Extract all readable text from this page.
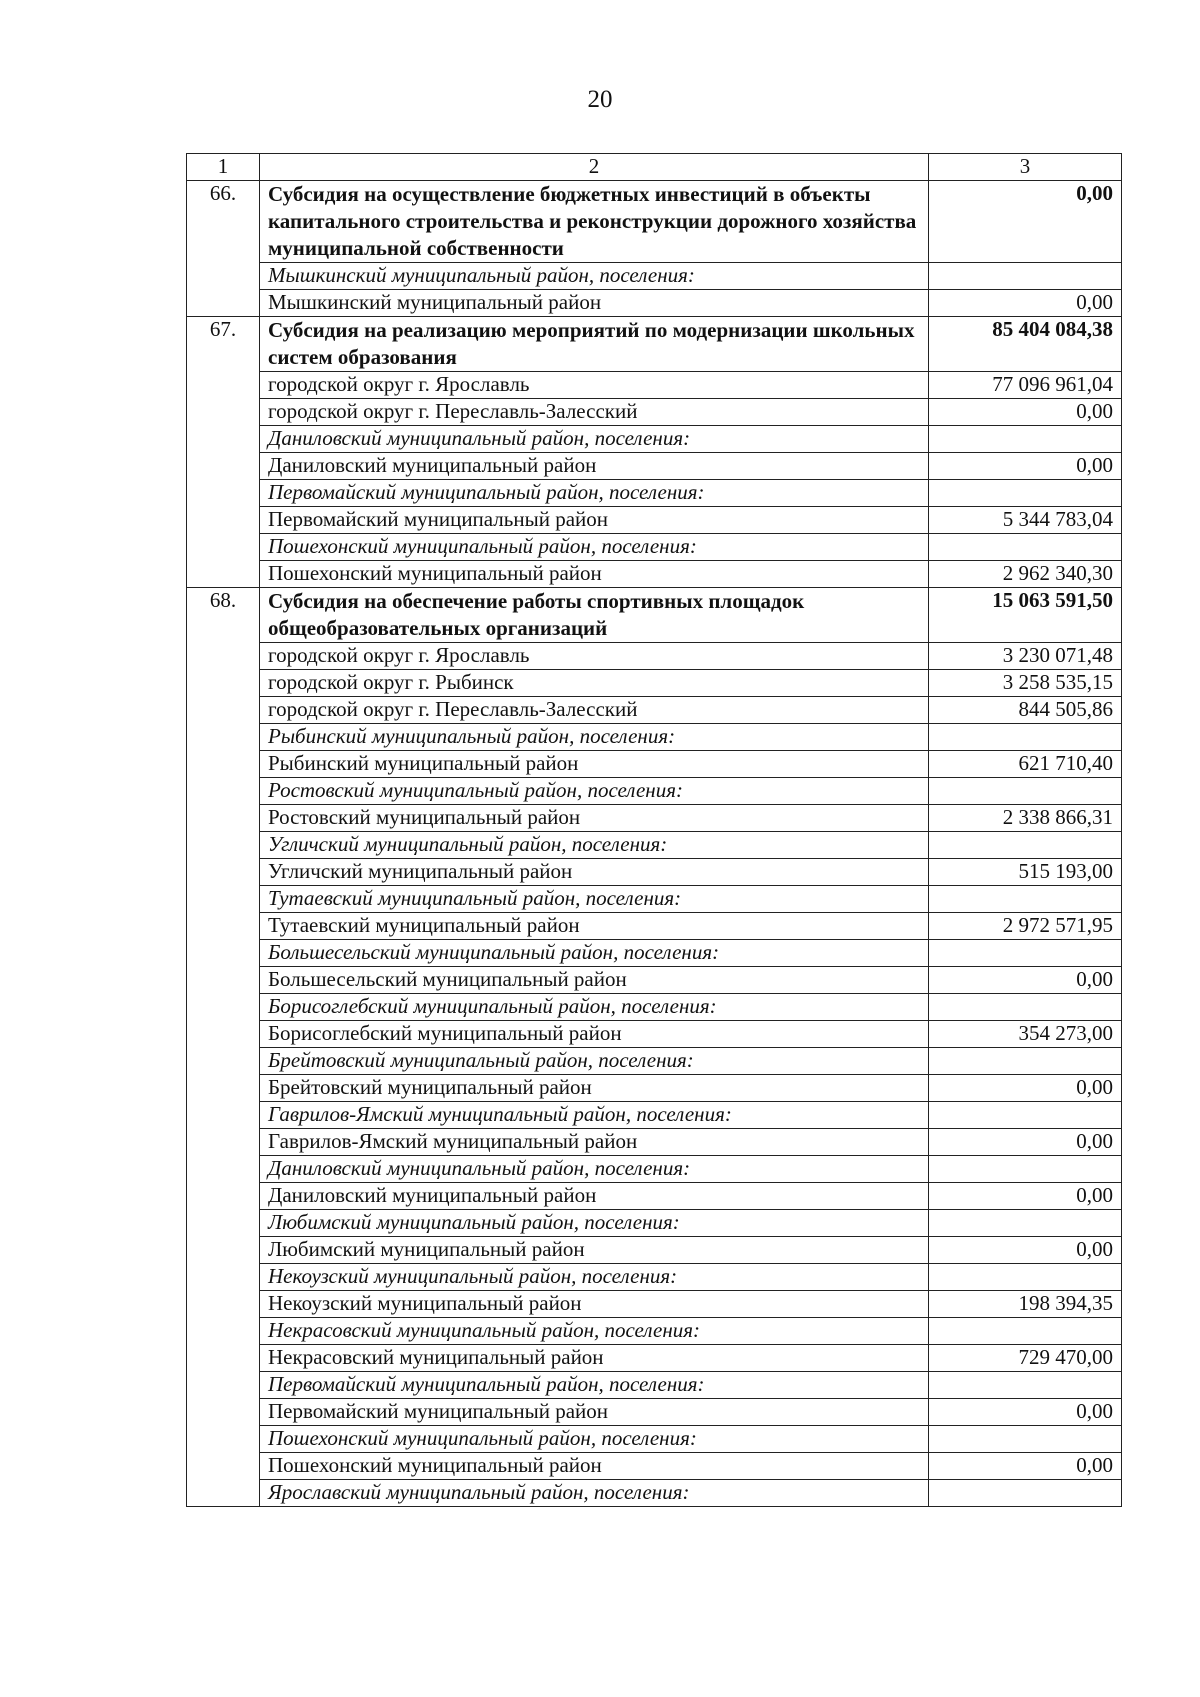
20
1	2	3
66.	Субсидия на осуществление бюджетных инвестиций в объекты капитального строительства и реконструкции дорожного хозяйства муниципальной собственности	0,00
	Мышкинский муниципальный район, поселения:	
	Мышкинский муниципальный район	0,00
67.	Субсидия на реализацию мероприятий по модернизации школьных систем образования	85 404 084,38
	городской округ г. Ярославль	77 096 961,04
	городской округ г. Переславль-Залесский	0,00
	Даниловский муниципальный район, поселения:	
	Даниловский муниципальный район	0,00
	Первомайский муниципальный район, поселения:	
	Первомайский муниципальный район	5 344 783,04
	Пошехонский муниципальный район, поселения:	
	Пошехонский муниципальный район	2 962 340,30
68.	Субсидия на обеспечение работы спортивных площадок общеобразовательных организаций	15 063 591,50
	городской округ г. Ярославль	3 230 071,48
	городской округ г. Рыбинск	3 258 535,15
	городской округ г. Переславль-Залесский	844 505,86
	Рыбинский муниципальный район, поселения:	
	Рыбинский муниципальный район	621 710,40
	Ростовский муниципальный район, поселения:	
	Ростовский муниципальный район	2 338 866,31
	Угличский муниципальный район, поселения:	
	Угличский муниципальный район	515 193,00
	Тутаевский муниципальный район, поселения:	
	Тутаевский муниципальный район	2 972 571,95
	Большесельский муниципальный район, поселения:	
	Большесельский муниципальный район	0,00
	Борисоглебский муниципальный район, поселения:	
	Борисоглебский муниципальный район	354 273,00
	Брейтовский муниципальный район, поселения:	
	Брейтовский муниципальный район	0,00
	Гаврилов-Ямский муниципальный район, поселения:	
	Гаврилов-Ямский муниципальный район	0,00
	Даниловский муниципальный район, поселения:	
	Даниловский муниципальный район	0,00
	Любимский муниципальный район, поселения:	
	Любимский муниципальный район	0,00
	Некоузский муниципальный район, поселения:	
	Некоузский муниципальный район	198 394,35
	Некрасовский муниципальный район, поселения:	
	Некрасовский муниципальный район	729 470,00
	Первомайский муниципальный район, поселения:	
	Первомайский муниципальный район	0,00
	Пошехонский муниципальный район, поселения:	
	Пошехонский муниципальный район	0,00
	Ярославский муниципальный район, поселения:	
